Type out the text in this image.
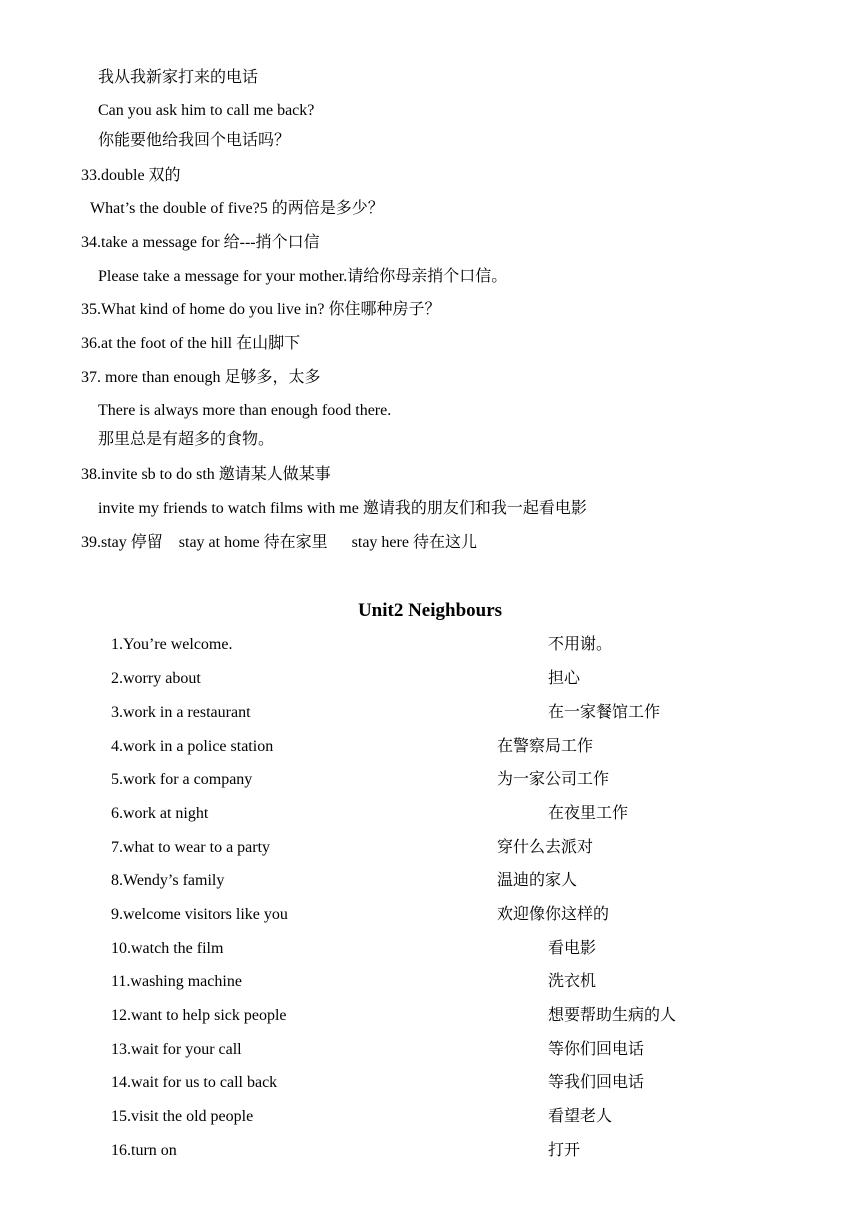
我从我新家打来的电话
Can you ask him to call me back?
你能要他给我回个电话吗？
33.double 双的
What’s the double of five?5 的两倍是多少？
34.take a message for 给---捎个口信
Please take a message for your mother.请给你母亲捎个口信。
35.What kind of home do you live in? 你住哪种房子？
36.at the foot of the hill 在山脚下
37. more than enough 足够多，太多
There is always more than enough food there.
那里总是有超多的食物。
38.invite sb to do sth 邀请某人做某事
invite my friends to watch films with me 邀请我的朋友们和我一起看电影
39.stay 停留    stay at home 待在家里      stay here 待在这儿
Unit2 Neighbours
1.You’re welcome.	不用谢。
2.worry about	担心
3.work in a restaurant	在一家餐馆工作
4.work in a police station	在警察局工作
5.work for a company	为一家公司工作
6.work at night	在夜里工作
7.what to wear to a party	穿什么去派对
8.Wendy’s family	温迪的家人
9.welcome visitors like you	欢迎像你这样的
10.watch the film	看电影
11.washing machine	洗衣机
12.want to help sick people	想要帮助生病的人
13.wait for your call	等你们回电话
14.wait for us to call back	等我们回电话
15.visit the old people	看望老人
16.turn on	打开
